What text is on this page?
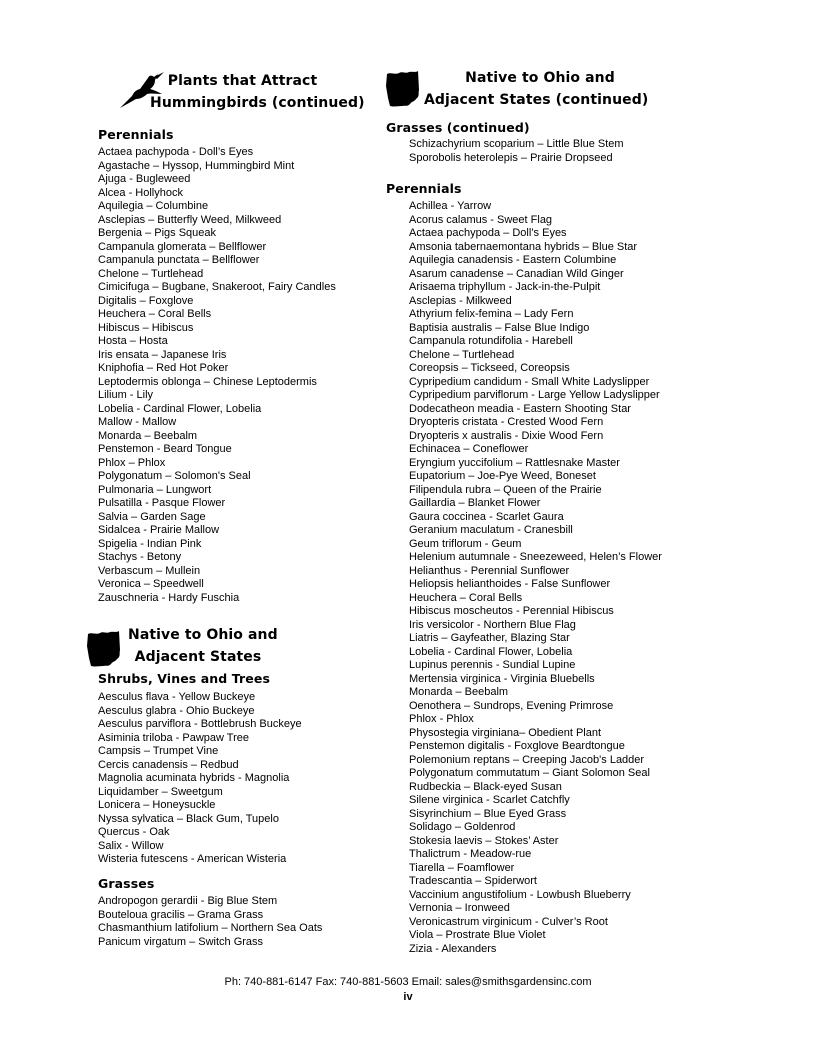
Plants that Attract
Hummingbirds (continued)
Perennials
Actaea pachypoda - Doll’s Eyes
Agastache – Hyssop, Hummingbird Mint
Ajuga - Bugleweed
Alcea - Hollyhock
Aquilegia – Columbine
Asclepias – Butterfly Weed, Milkweed
Bergenia – Pigs Squeak
Campanula glomerata – Bellflower
Campanula punctata – Bellflower
Chelone – Turtlehead
Cimicifuga – Bugbane, Snakeroot, Fairy Candles
Digitalis – Foxglove
Heuchera – Coral Bells
Hibiscus – Hibiscus
Hosta – Hosta
Iris ensata – Japanese Iris
Kniphofia – Red Hot Poker
Leptodermis oblonga – Chinese Leptodermis
Lilium - Lily
Lobelia - Cardinal Flower, Lobelia
Mallow - Mallow
Monarda – Beebalm
Penstemon - Beard Tongue
Phlox – Phlox
Polygonatum – Solomon's Seal
Pulmonaria – Lungwort
Pulsatilla - Pasque Flower
Salvia – Garden Sage
Sidalcea - Prairie Mallow
Spigelia - Indian Pink
Stachys - Betony
Verbascum – Mullein
Veronica – Speedwell
Zauschneria - Hardy Fuschia
Native to Ohio and
Adjacent States
Shrubs, Vines and Trees
Aesculus flava - Yellow Buckeye
Aesculus glabra - Ohio Buckeye
Aesculus parviflora - Bottlebrush Buckeye
Asiminia triloba - Pawpaw Tree
Campsis – Trumpet Vine
Cercis canadensis – Redbud
Magnolia acuminata hybrids - Magnolia
Liquidamber – Sweetgum
Lonicera – Honeysuckle
Nyssa sylvatica – Black Gum, Tupelo
Quercus - Oak
Salix - Willow
Wisteria futescens - American Wisteria
Grasses
Andropogon gerardii - Big Blue Stem
Bouteloua gracilis – Grama Grass
Chasmanthium latifolium – Northern Sea Oats
Panicum virgatum – Switch Grass
Native to Ohio and
Adjacent States (continued)
Grasses (continued)
Schizachyrium scoparium – Little Blue Stem
Sporobolis heterolepis – Prairie Dropseed
Perennials
Achillea - Yarrow
Acorus calamus - Sweet Flag
Actaea pachypoda – Doll’s Eyes
Amsonia tabernaemontana hybrids – Blue Star
Aquilegia canadensis - Eastern Columbine
Asarum canadense – Canadian Wild Ginger
Arisaema triphyllum - Jack-in-the-Pulpit
Asclepias - Milkweed
Athyrium felix-femina – Lady Fern
Baptisia australis – False Blue Indigo
Campanula rotundifolia - Harebell
Chelone – Turtlehead
Coreopsis – Tickseed, Coreopsis
Cypripedium candidum - Small White Ladyslipper
Cypripedium parviflorum - Large Yellow Ladyslipper
Dodecatheon meadia - Eastern Shooting Star
Dryopteris cristata - Crested Wood Fern
Dryopteris x australis - Dixie Wood Fern
Echinacea – Coneflower
Eryngium yuccifolium – Rattlesnake Master
Eupatorium – Joe-Pye Weed, Boneset
Filipendula rubra – Queen of the Prairie
Gaillardia – Blanket Flower
Gaura coccinea - Scarlet Gaura
Geranium maculatum - Cranesbill
Geum triflorum - Geum
Helenium autumnale - Sneezeweed, Helen’s Flower
Helianthus - Perennial Sunflower
Heliopsis helianthoides - False Sunflower
Heuchera – Coral Bells
Hibiscus moscheutos - Perennial Hibiscus
Iris versicolor - Northern Blue Flag
Liatris – Gayfeather, Blazing Star
Lobelia - Cardinal Flower, Lobelia
Lupinus perennis - Sundial Lupine
Mertensia virginica - Virginia Bluebells
Monarda – Beebalm
Oenothera – Sundrops, Evening Primrose
Phlox - Phlox
Physostegia virginiana– Obedient Plant
Penstemon digitalis - Foxglove Beardtongue
Polemonium reptans – Creeping Jacob's Ladder
Polygonatum commutatum – Giant Solomon Seal
Rudbeckia – Black-eyed Susan
Silene virginica - Scarlet Catchfly
Sisyrinchium – Blue Eyed Grass
Solidago – Goldenrod
Stokesia laevis – Stokes’ Aster
Thalictrum - Meadow-rue
Tiarella – Foamflower
Tradescantia – Spiderwort
Vaccinium angustifolium - Lowbush Blueberry
Vernonia – Ironweed
Veronicastrum virginicum - Culver’s Root
Viola – Prostrate Blue Violet
Zizia - Alexanders
Ph: 740-881-6147 Fax: 740-881-5603 Email: sales@smithsgardensinc.com
iv
